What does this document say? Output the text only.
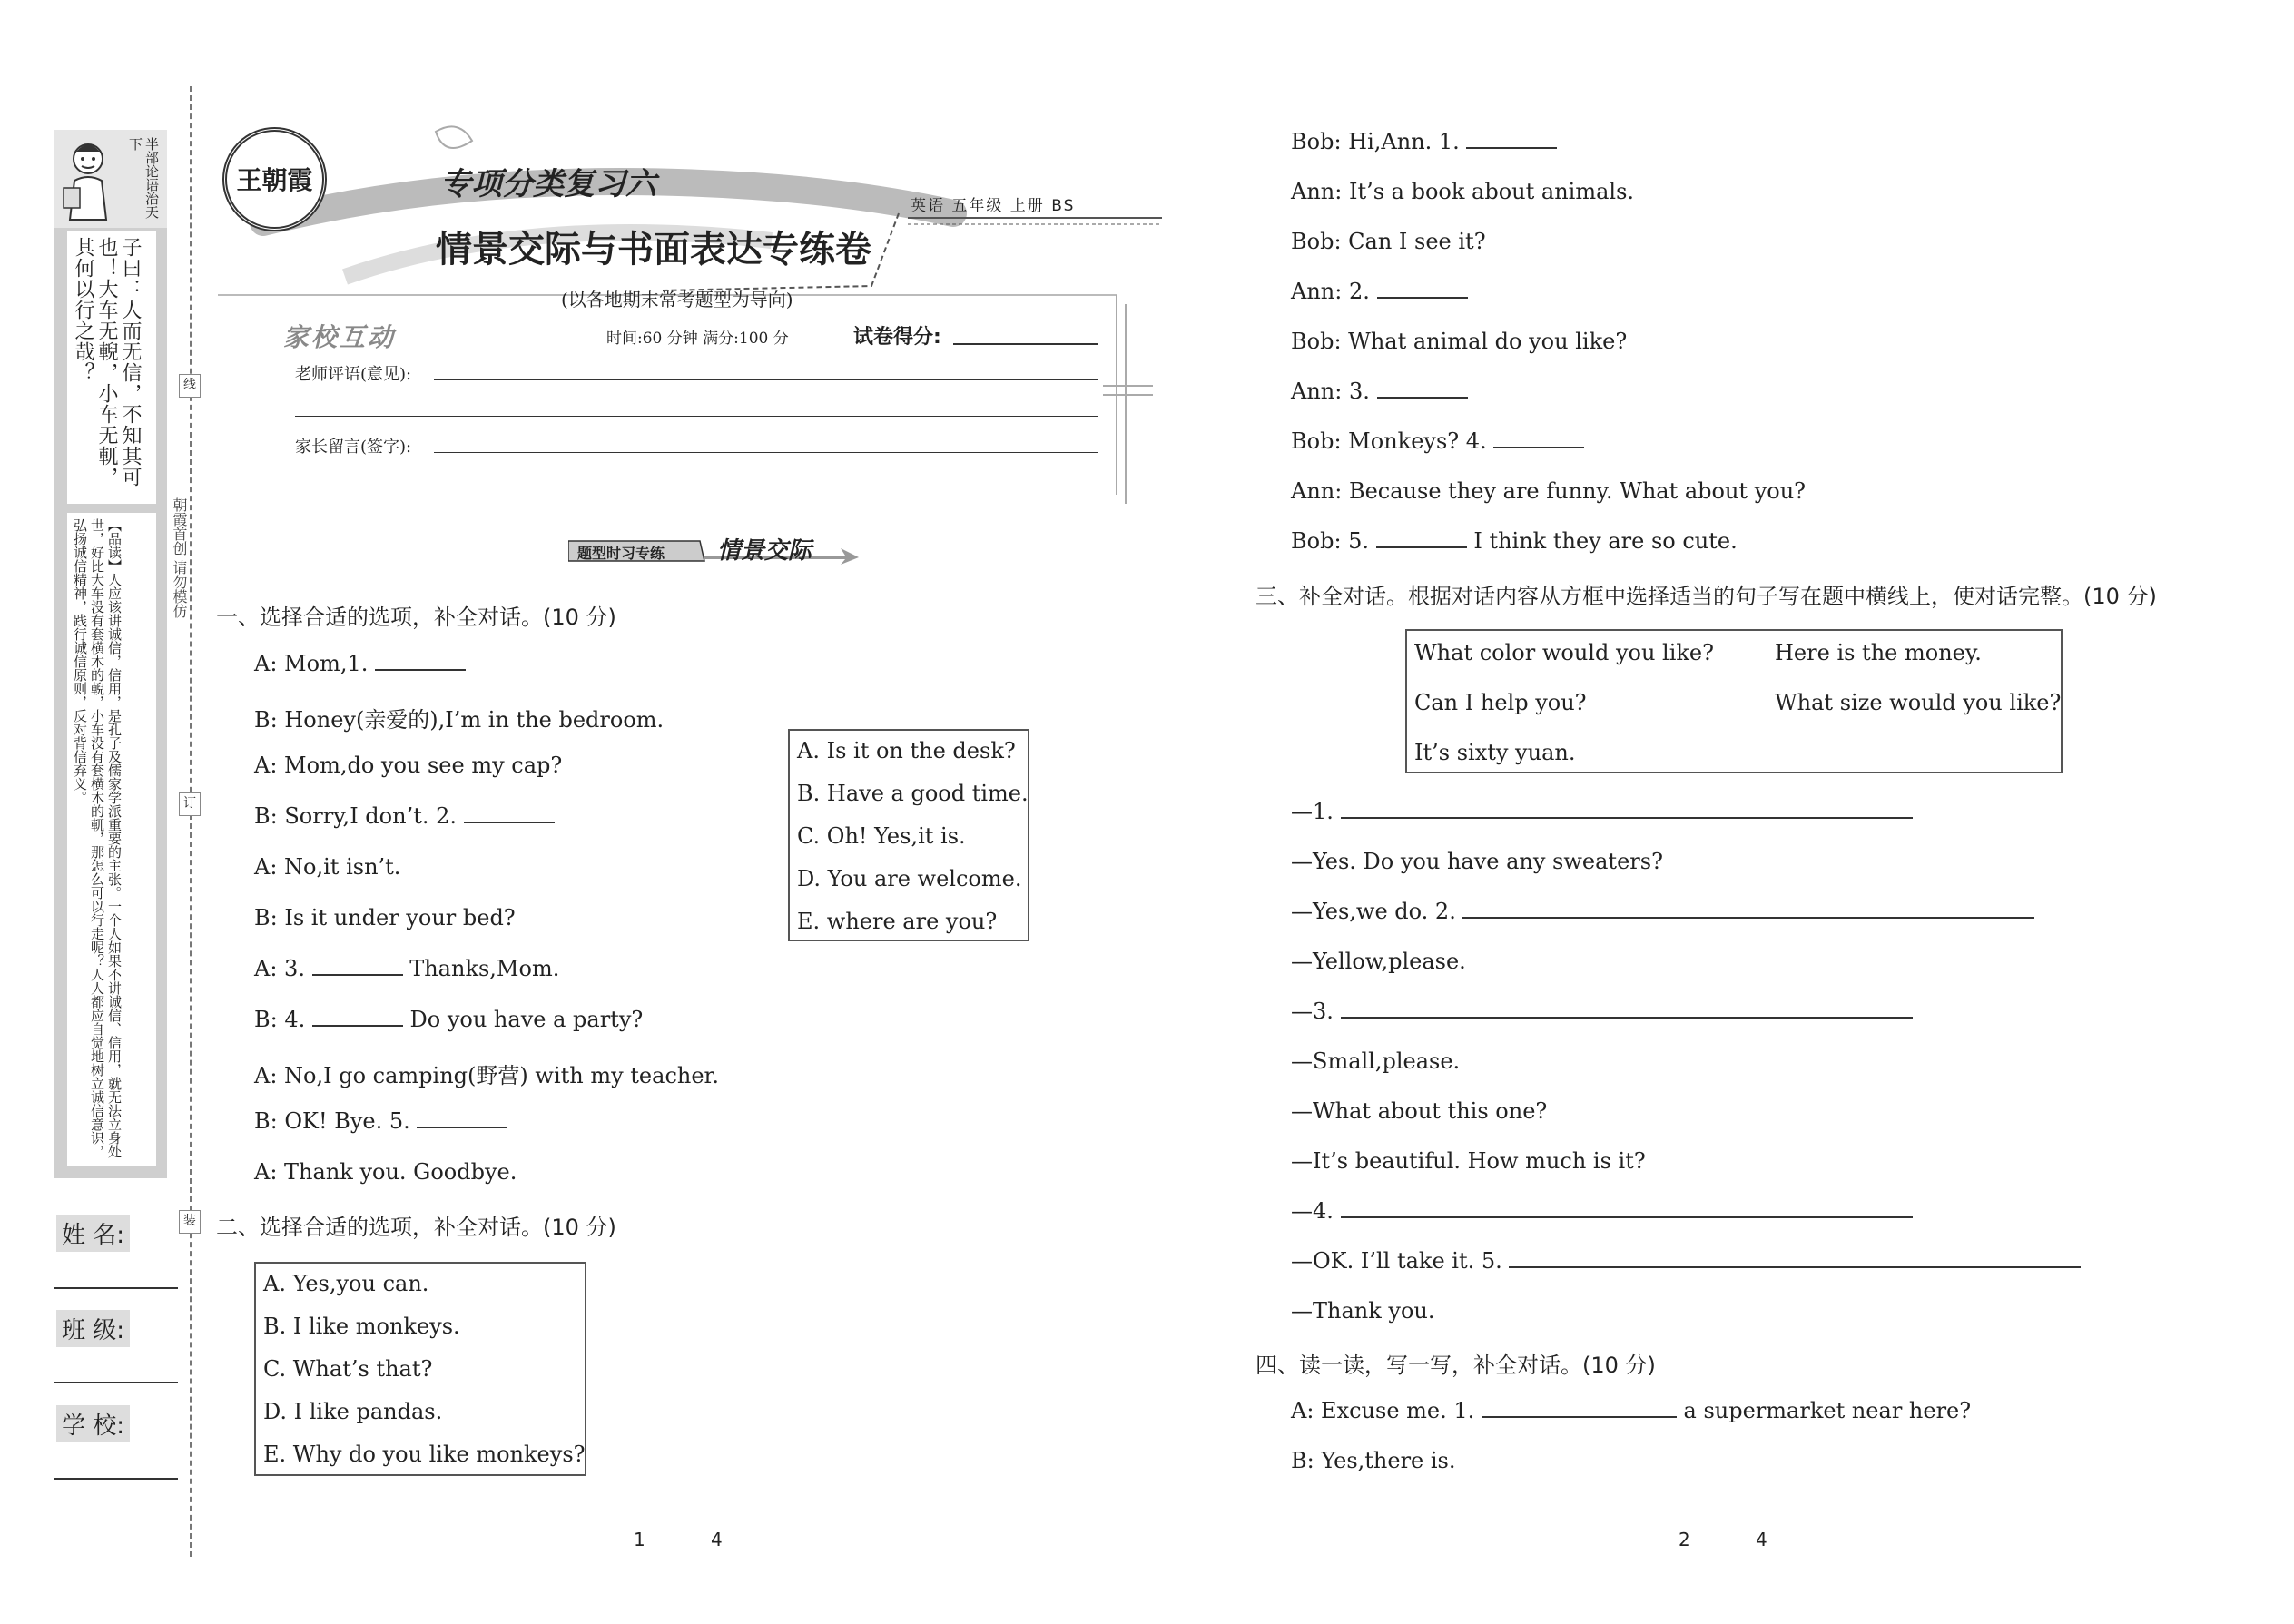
半部论语治天下
子曰：人而无信，不知其可也！大车无輗，小车无軏，其何以行之哉？
【品读】人应该讲诚信，信用，是孔子及儒家学派重要的主张。一个人如果不讲诚信、信用，就无法立身处世，好比大车没有套横木的輗，小车没有套横木的軏，那怎么可以行走呢？人人都应自觉地树立诚信意识，弘扬诚信精神，践行诚信原则，反对背信弃义。
姓 名:
班 级:
学 校:
线
订
装
朝霞首创 请勿模仿
王朝霞	专项分类复习六
英语 五年级 上册 BS
情景交际与书面表达专练卷
(以各地期末常考题型为导向)
家校互动	时间:60 分钟 满分:100 分	试卷得分:
老师评语(意见):
家长留言(签字):
题型时习专练 情景交际
一、选择合适的选项，补全对话。(10 分)
A: Mom,1.
B: Honey(亲爱的),I’m in the bedroom.
A: Mom,do you see my cap?
B: Sorry,I don’t. 2.
A: No,it isn’t.
B: Is it under your bed?
A: 3.	Thanks,Mom.
B: 4.	Do you have a party?
A: No,I go camping(野营) with my teacher.
B: OK! Bye. 5.
A: Thank you. Goodbye.
A. Is it on the desk?
B. Have a good time.
C. Oh! Yes,it is.
D. You are welcome.
E. where are you?
二、选择合适的选项，补全对话。(10 分)
A. Yes,you can.
B. I like monkeys.
C. What’s that?
D. I like pandas.
E. Why do you like monkeys?
Bob: Hi,Ann. 1.
Ann: It’s a book about animals.
Bob: Can I see it?
Ann: 2.
Bob: What animal do you like?
Ann: 3.
Bob: Monkeys? 4.
Ann: Because they are funny. What about you?
Bob: 5.	I think they are so cute.
三、补全对话。根据对话内容从方框中选择适当的句子写在题中横线上，使对话完整。(10 分)
What color would you like?	Here is the money.
Can I help you?	What size would you like?
It’s sixty yuan.
—1.
—Yes. Do you have any sweaters?
—Yes,we do. 2.
—Yellow,please.
—3.
—Small,please.
—What about this one?
—It’s beautiful. How much is it?
—4.
—OK. I’ll take it. 5.
—Thank you.
四、读一读，写一写，补全对话。(10 分)
A: Excuse me. 1.	a supermarket near here?
B: Yes,there is.
1	4	2	4
